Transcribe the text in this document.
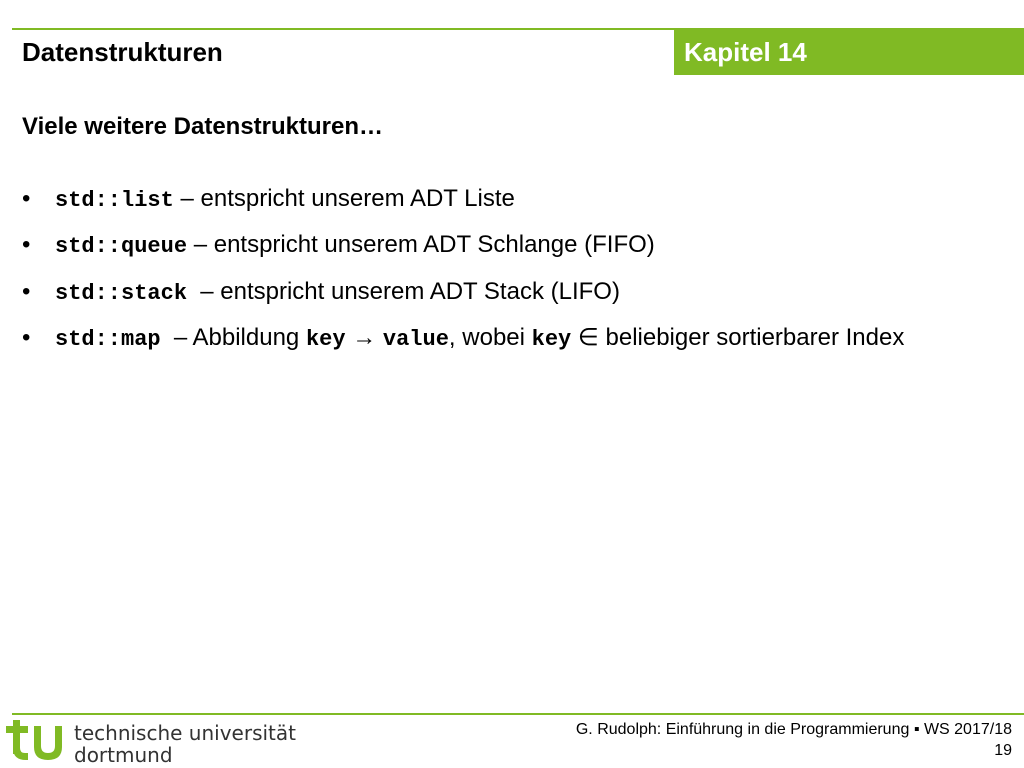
Datenstrukturen	Kapitel 14
Viele weitere Datenstrukturen…
• std::list – entspricht unserem ADT Liste
• std::queue – entspricht unserem ADT Schlange (FIFO)
• std::stack – entspricht unserem ADT Stack (LIFO)
• std::map – Abbildung key → value, wobei key ∈ beliebiger sortierbarer Index
technische universität
dortmund
G. Rudolph: Einführung in die Programmierung ▪ WS 2017/18
19
